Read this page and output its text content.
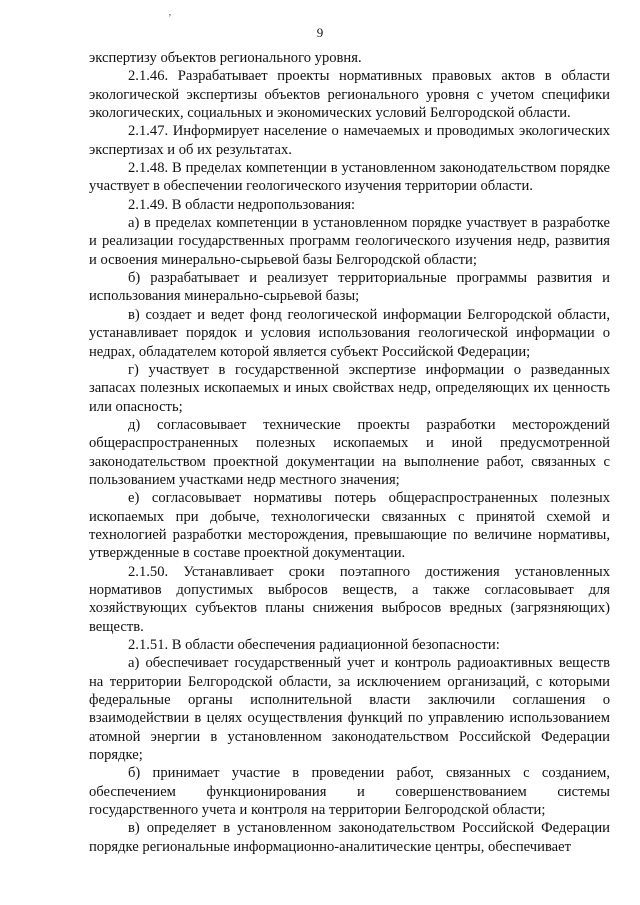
ʼ
9

экспертизу объектов регионального уровня.

2.1.46. Разрабатывает проекты нормативных правовых актов в области экологической экспертизы объектов регионального уровня с учетом специфики экологических, социальных и экономических условий Белгородской области.

2.1.47. Информирует население о намечаемых и проводимых экологических экспертизах и об их результатах.

2.1.48. В пределах компетенции в установленном законодательством порядке участвует в обеспечении геологического изучения территории области.

2.1.49. В области недропользования:

а) в пределах компетенции в установленном порядке участвует в разработке и реализации государственных программ геологического изучения недр, развития и освоения минерально-сырьевой базы Белгородской области;

б) разрабатывает и реализует территориальные программы развития и использования минерально-сырьевой базы;

в) создает и ведет фонд геологической информации Белгородской области, устанавливает порядок и условия использования геологической информации о недрах, обладателем которой является субъект Российской Федерации;

г) участвует в государственной экспертизе информации о разведанных запасах полезных ископаемых и иных свойствах недр, определяющих их ценность или опасность;

д) согласовывает технические проекты разработки месторождений общераспространенных полезных ископаемых и иной предусмотренной законодательством проектной документации на выполнение работ, связанных с пользованием участками недр местного значения;

е) согласовывает нормативы потерь общераспространенных полезных ископаемых при добыче, технологически связанных с принятой схемой и технологией разработки месторождения, превышающие по величине нормативы, утвержденные в составе проектной документации.

2.1.50. Устанавливает сроки поэтапного достижения установленных нормативов допустимых выбросов веществ, а также согласовывает для хозяйствующих субъектов планы снижения выбросов вредных (загрязняющих) веществ.

2.1.51. В области обеспечения радиационной безопасности:

а) обеспечивает государственный учет и контроль радиоактивных веществ на территории Белгородской области, за исключением организаций, с которыми федеральные органы исполнительной власти заключили соглашения о взаимодействии в целях осуществления функций по управлению использованием атомной энергии в установленном законодательством Российской Федерации порядке;

б) принимает участие в проведении работ, связанных с созданием, обеспечением функционирования и совершенствованием системы государственного учета и контроля на территории Белгородской области;

в) определяет в установленном законодательством Российской Федерации порядке региональные информационно-аналитические центры, обеспечивает
